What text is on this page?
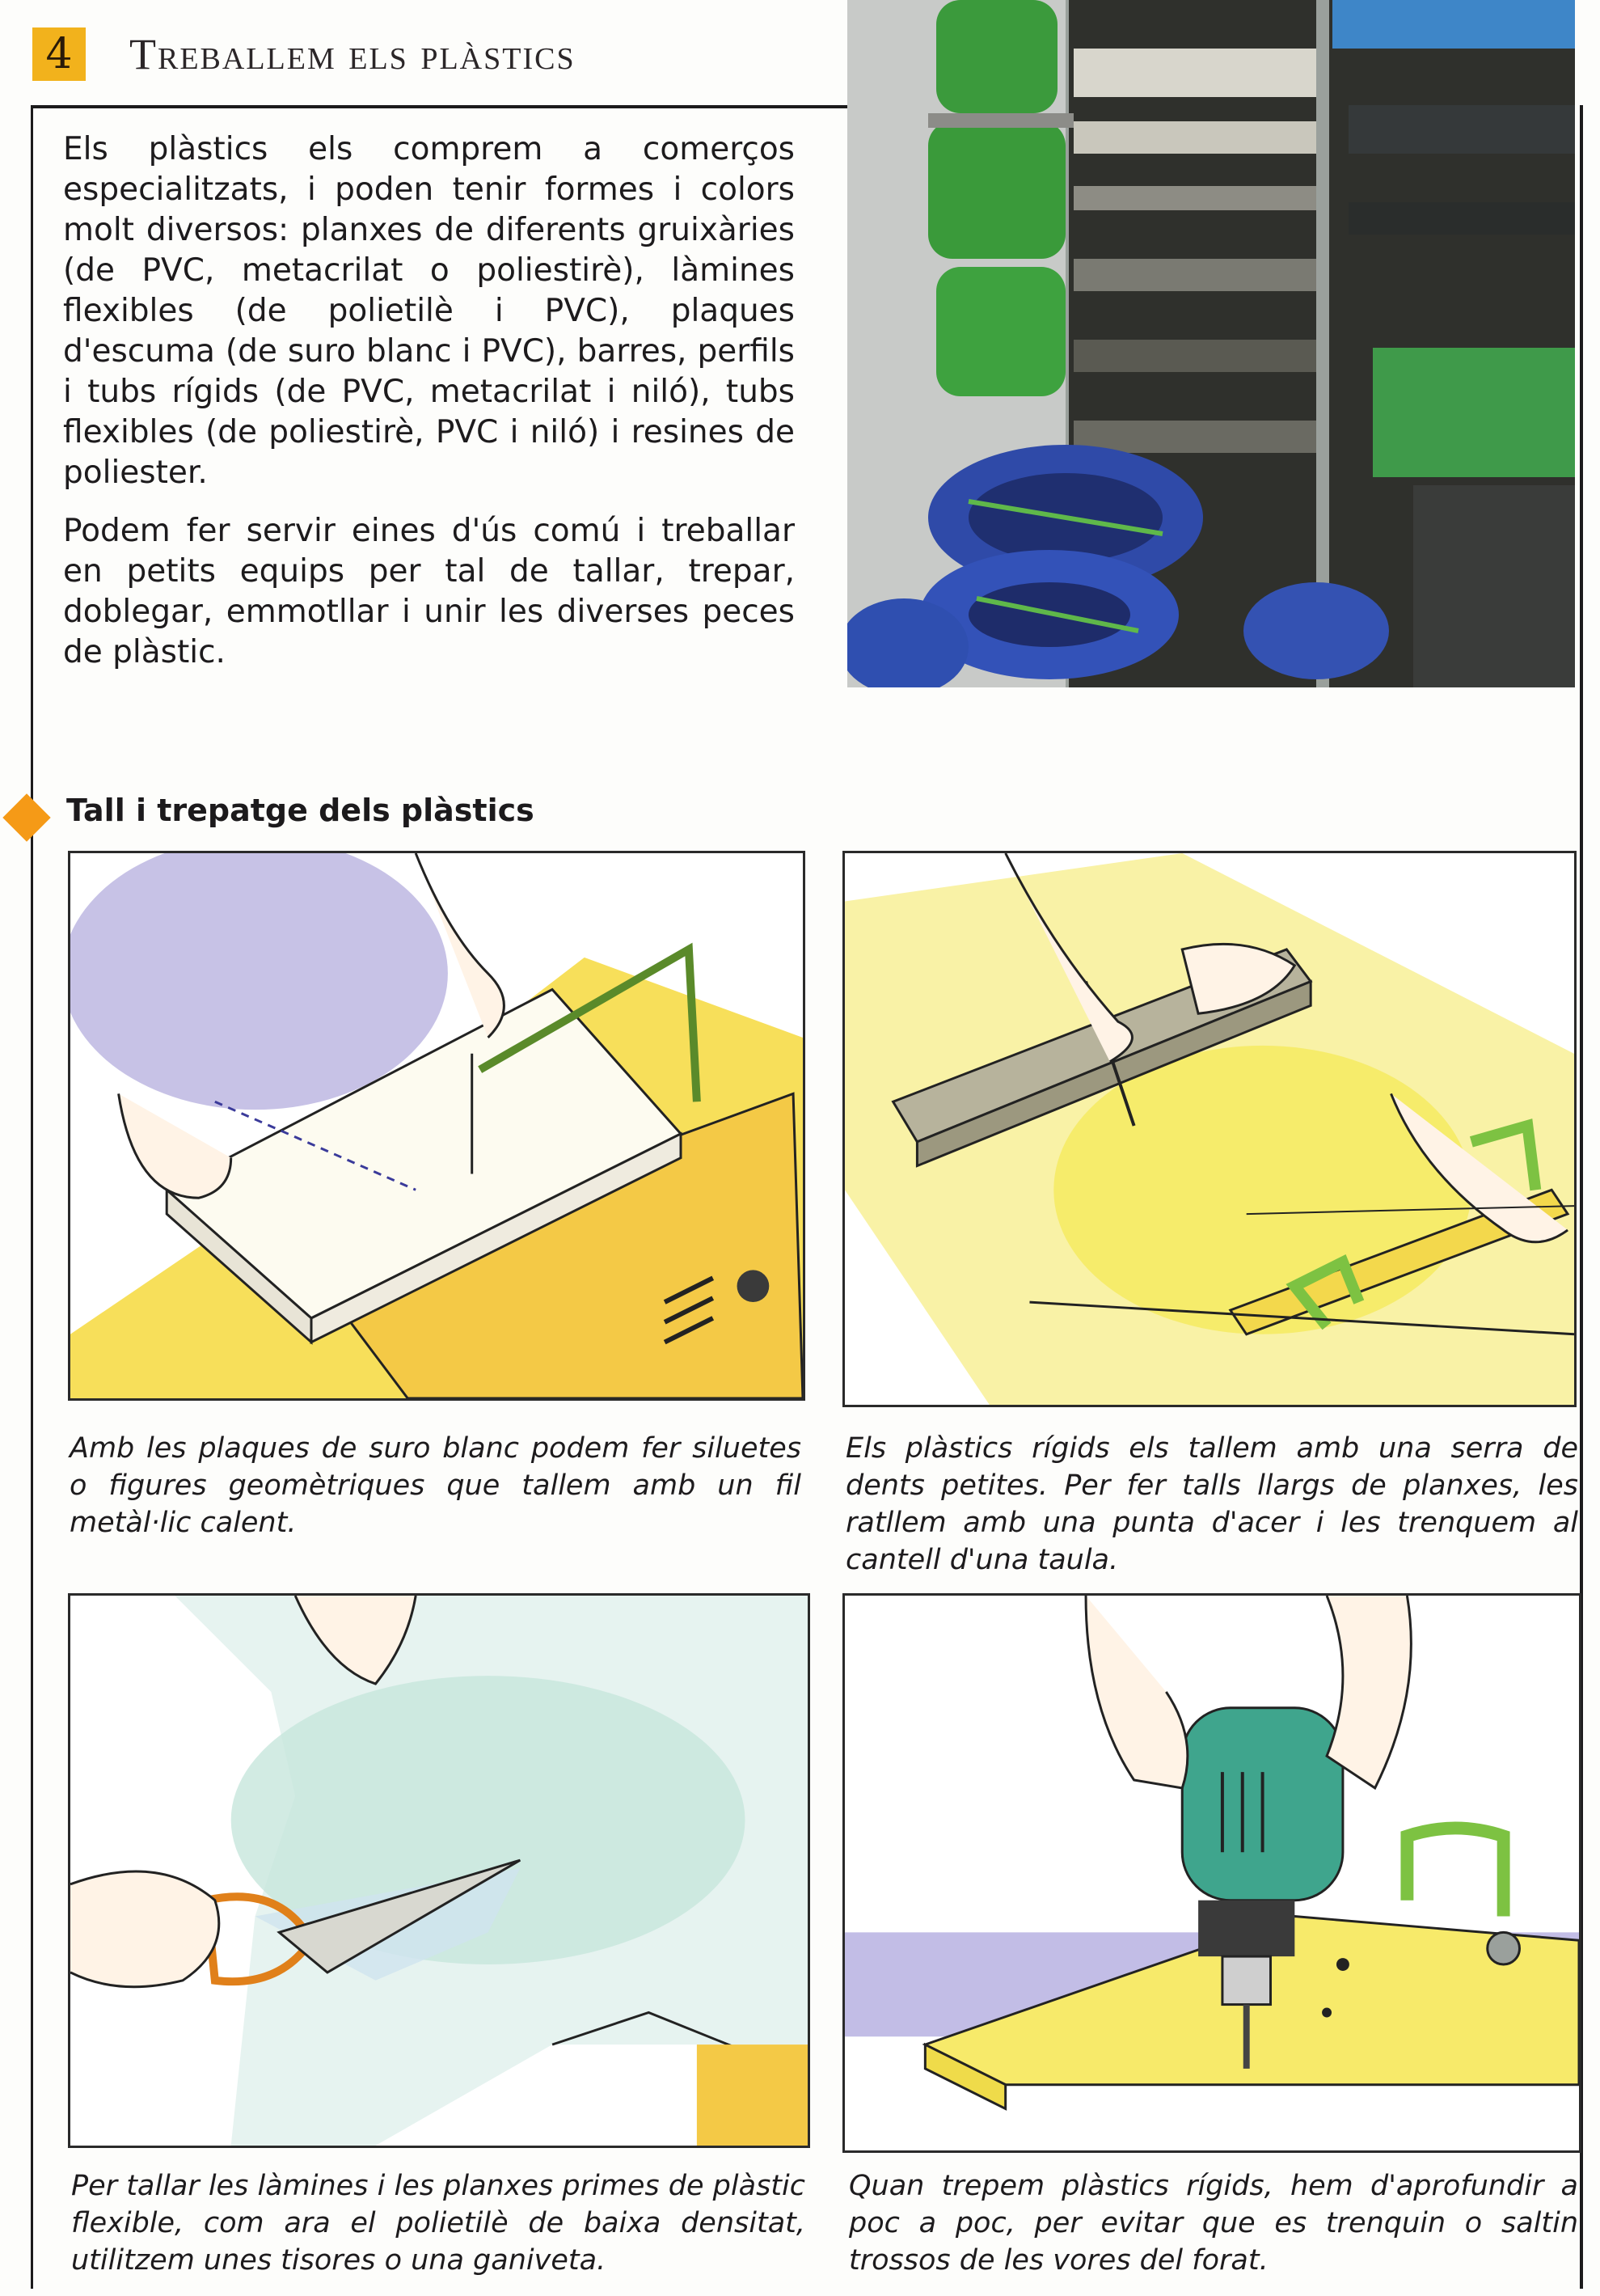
4	Treballem els plàstics

Els plàstics els comprem a comerços especialitzats, i poden tenir formes i colors molt diversos: planxes de diferents gruixàries (de PVC, metacrilat o poliestirè), làmines flexibles (de polietilè i PVC), plaques d'escuma (de suro blanc i PVC), barres, perfils i tubs rígids (de PVC, metacrilat i niló), tubs flexibles (de poliestirè, PVC i niló) i resines de poliester.

Podem fer servir eines d'ús comú i treballar en petits equips per tal de tallar, trepar, doblegar, emmotllar i unir les diverses peces de plàstic.

Tall i trepatge dels plàstics
Amb les plaques de suro blanc podem fer siluetes o figures geomètriques que tallem amb un fil metàl·lic calent.
Els plàstics rígids els tallem amb una serra de dents petites. Per fer talls llargs de planxes, les ratllem amb una punta d'acer i les trenquem al cantell d'una taula.
Per tallar les làmines i les planxes primes de plàstic flexible, com ara el polietilè de baixa densitat, utilitzem unes tisores o una ganiveta.
Quan trepem plàstics rígids, hem d'aprofundir a poc a poc, per evitar que es trenquin o saltin trossos de les vores del forat.
